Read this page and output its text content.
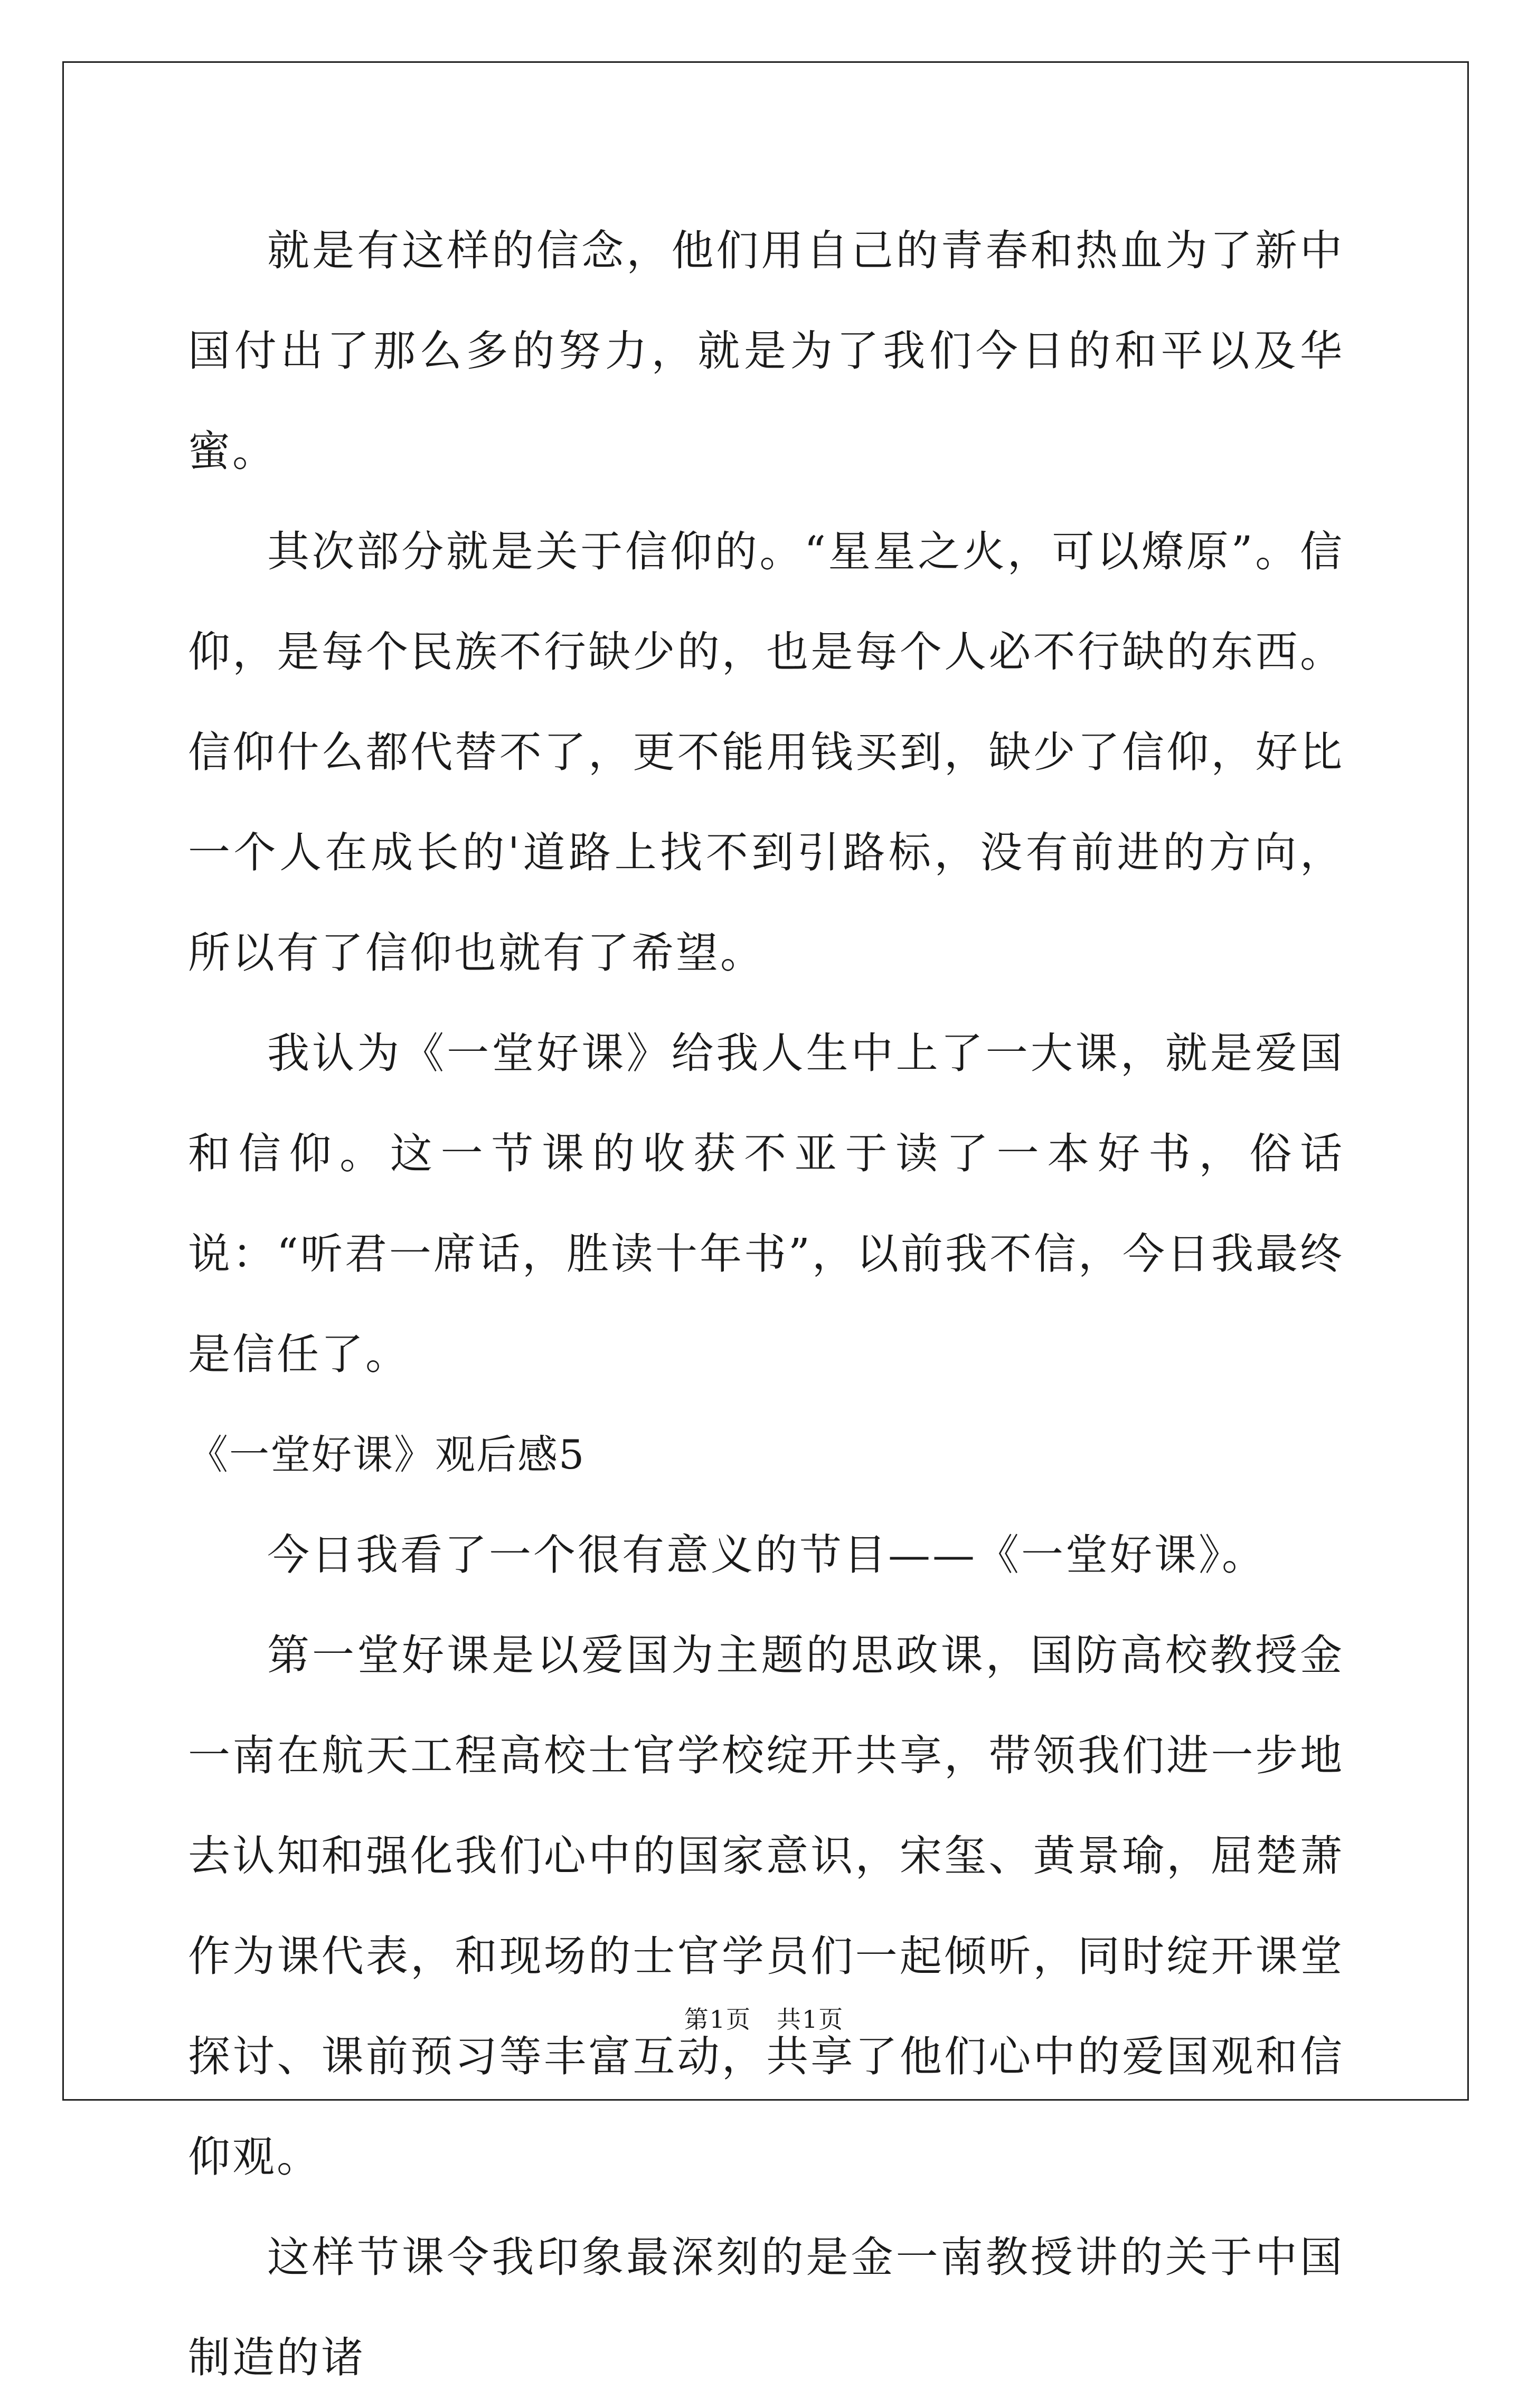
就是有这样的信念，他们用自己的青春和热血为了新中国付出了那么多的努力，就是为了我们今日的和平以及华蜜。

其次部分就是关于信仰的。“星星之火，可以燎原”。信仰，是每个民族不行缺少的，也是每个人必不行缺的东西。信仰什么都代替不了，更不能用钱买到，缺少了信仰，好比一个人在成长的'道路上找不到引路标，没有前进的方向，所以有了信仰也就有了希望。

我认为《一堂好课》给我人生中上了一大课，就是爱国和信仰。这一节课的收获不亚于读了一本好书，俗话说：“听君一席话，胜读十年书”，以前我不信，今日我最终是信任了。

《一堂好课》观后感5

今日我看了一个很有意义的节目——《一堂好课》。

第一堂好课是以爱国为主题的思政课，国防高校教授金一南在航天工程高校士官学校绽开共享，带领我们进一步地去认知和强化我们心中的国家意识，宋玺、黄景瑜，屈楚萧作为课代表，和现场的士官学员们一起倾听，同时绽开课堂探讨、课前预习等丰富互动，共享了他们心中的爱国观和信仰观。

这样节课令我印象最深刻的是金一南教授讲的关于中国制造的诸

第1页　共1页
